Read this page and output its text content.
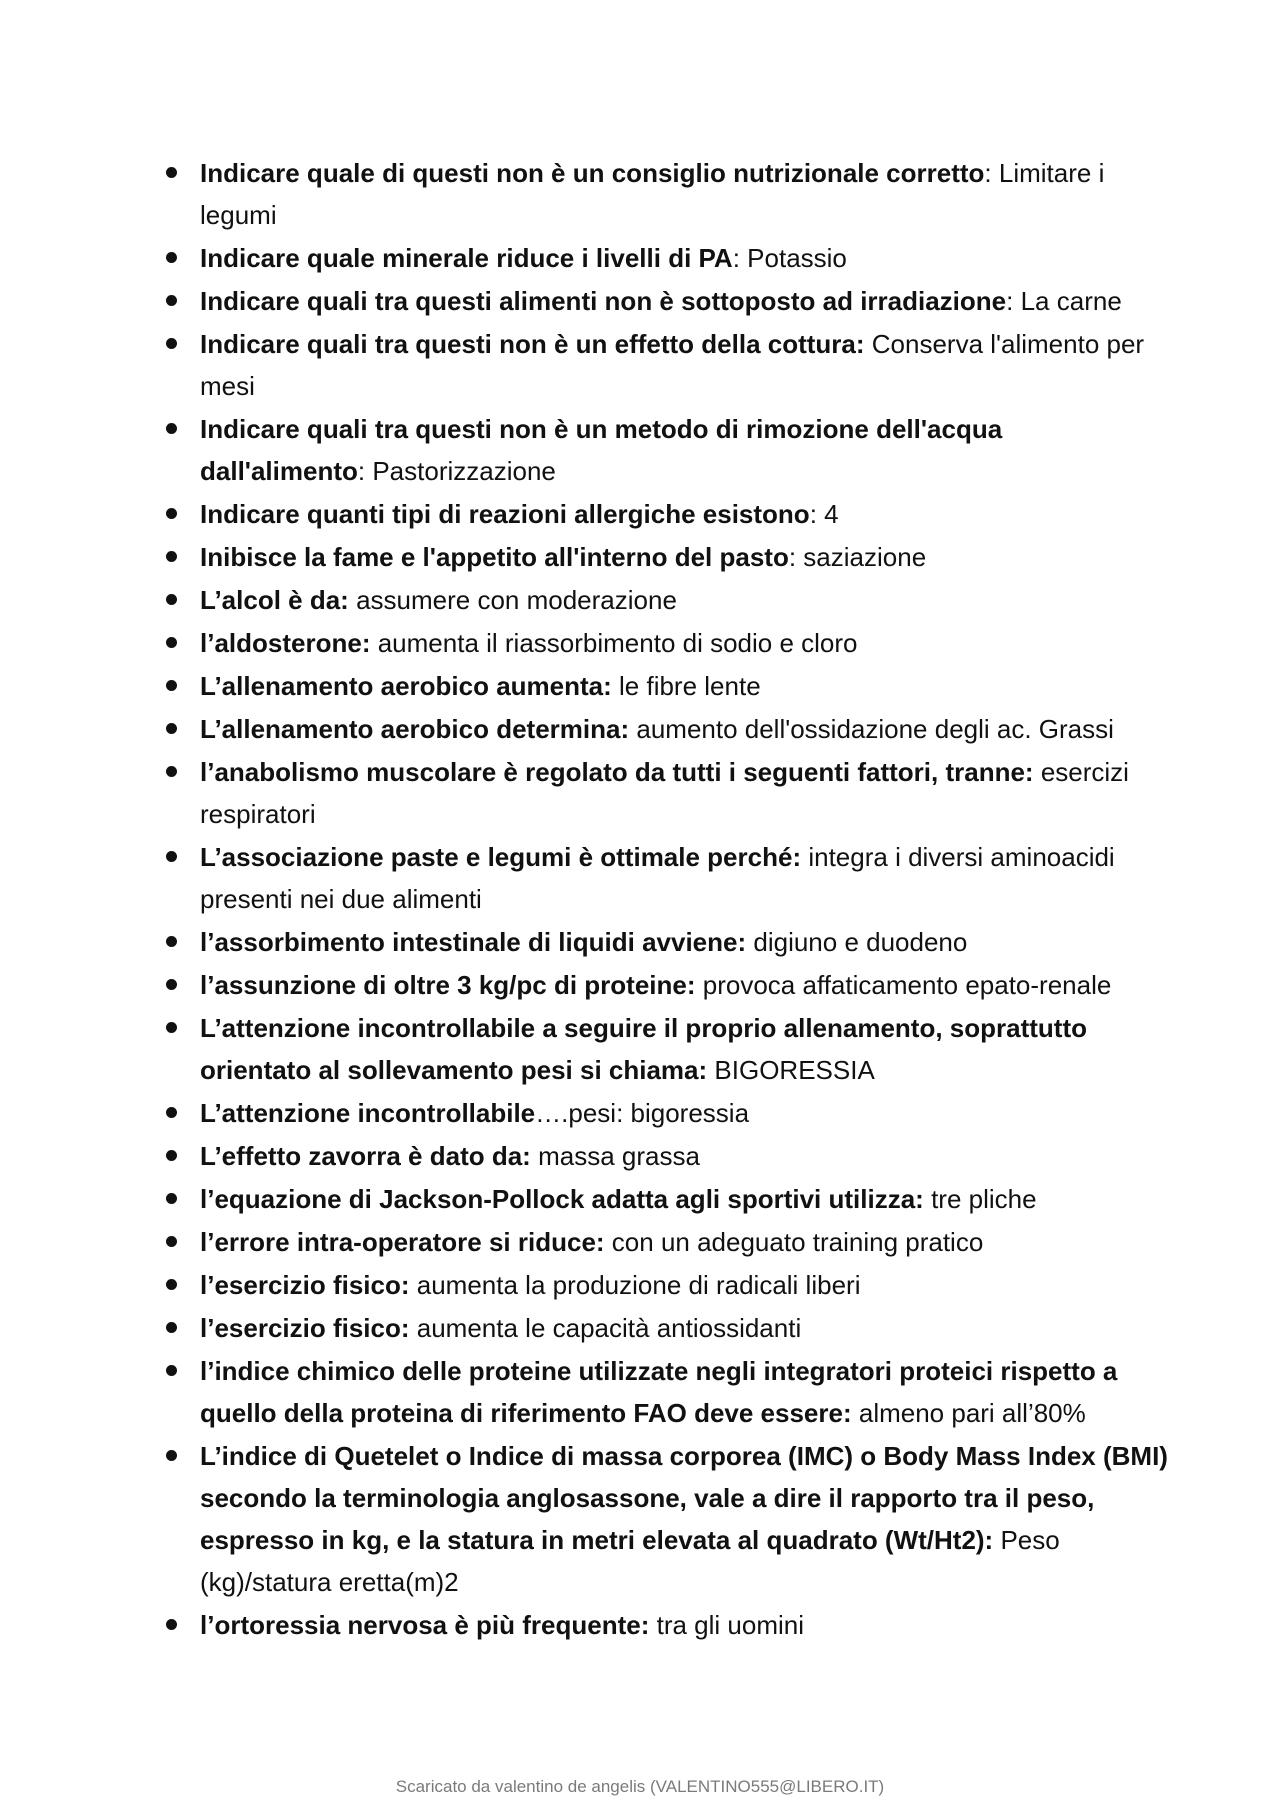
Indicare quale di questi non è un consiglio nutrizionale corretto: Limitare i legumi
Indicare quale minerale riduce i livelli di PA: Potassio
Indicare quali tra questi alimenti non è sottoposto ad irradiazione: La carne
Indicare quali tra questi non è un effetto della cottura: Conserva l'alimento per mesi
Indicare quali tra questi non è un metodo di rimozione dell'acqua dall'alimento: Pastorizzazione
Indicare quanti tipi di reazioni allergiche esistono: 4
Inibisce la fame e l'appetito all'interno del pasto: saziazione
L’alcol è da: assumere con moderazione
l’aldosterone: aumenta il riassorbimento di sodio e cloro
L’allenamento aerobico aumenta: le fibre lente
L’allenamento aerobico determina: aumento dell'ossidazione degli ac. Grassi
l’anabolismo muscolare è regolato da tutti i seguenti fattori, tranne: esercizi respiratori
L’associazione paste e legumi è ottimale perché: integra i diversi aminoacidi presenti nei due alimenti
l’assorbimento intestinale di liquidi avviene: digiuno e duodeno
l’assunzione di oltre 3 kg/pc di proteine: provoca affaticamento epato-renale
L’attenzione incontrollabile a seguire il proprio allenamento, soprattutto orientato al sollevamento pesi si chiama: BIGORESSIA
L’attenzione incontrollabile….pesi: bigoressia
L’effetto zavorra è dato da: massa grassa
l’equazione di Jackson-Pollock adatta agli sportivi utilizza: tre pliche
l’errore intra-operatore si riduce: con un adeguato training pratico
l’esercizio fisico: aumenta la produzione di radicali liberi
l’esercizio fisico: aumenta le capacità antiossidanti
l’indice chimico delle proteine utilizzate negli integratori proteici rispetto a quello della proteina di riferimento FAO deve essere: almeno pari all’80%
L’indice di Quetelet o Indice di massa corporea (IMC) o Body Mass Index (BMI) secondo la terminologia anglosassone, vale a dire il rapporto tra il peso, espresso in kg, e la statura in metri elevata al quadrato (Wt/Ht2): Peso (kg)/statura eretta(m)2
l’ortoressia nervosa è più frequente: tra gli uomini
Scaricato da valentino de angelis (VALENTINO555@LIBERO.IT)
